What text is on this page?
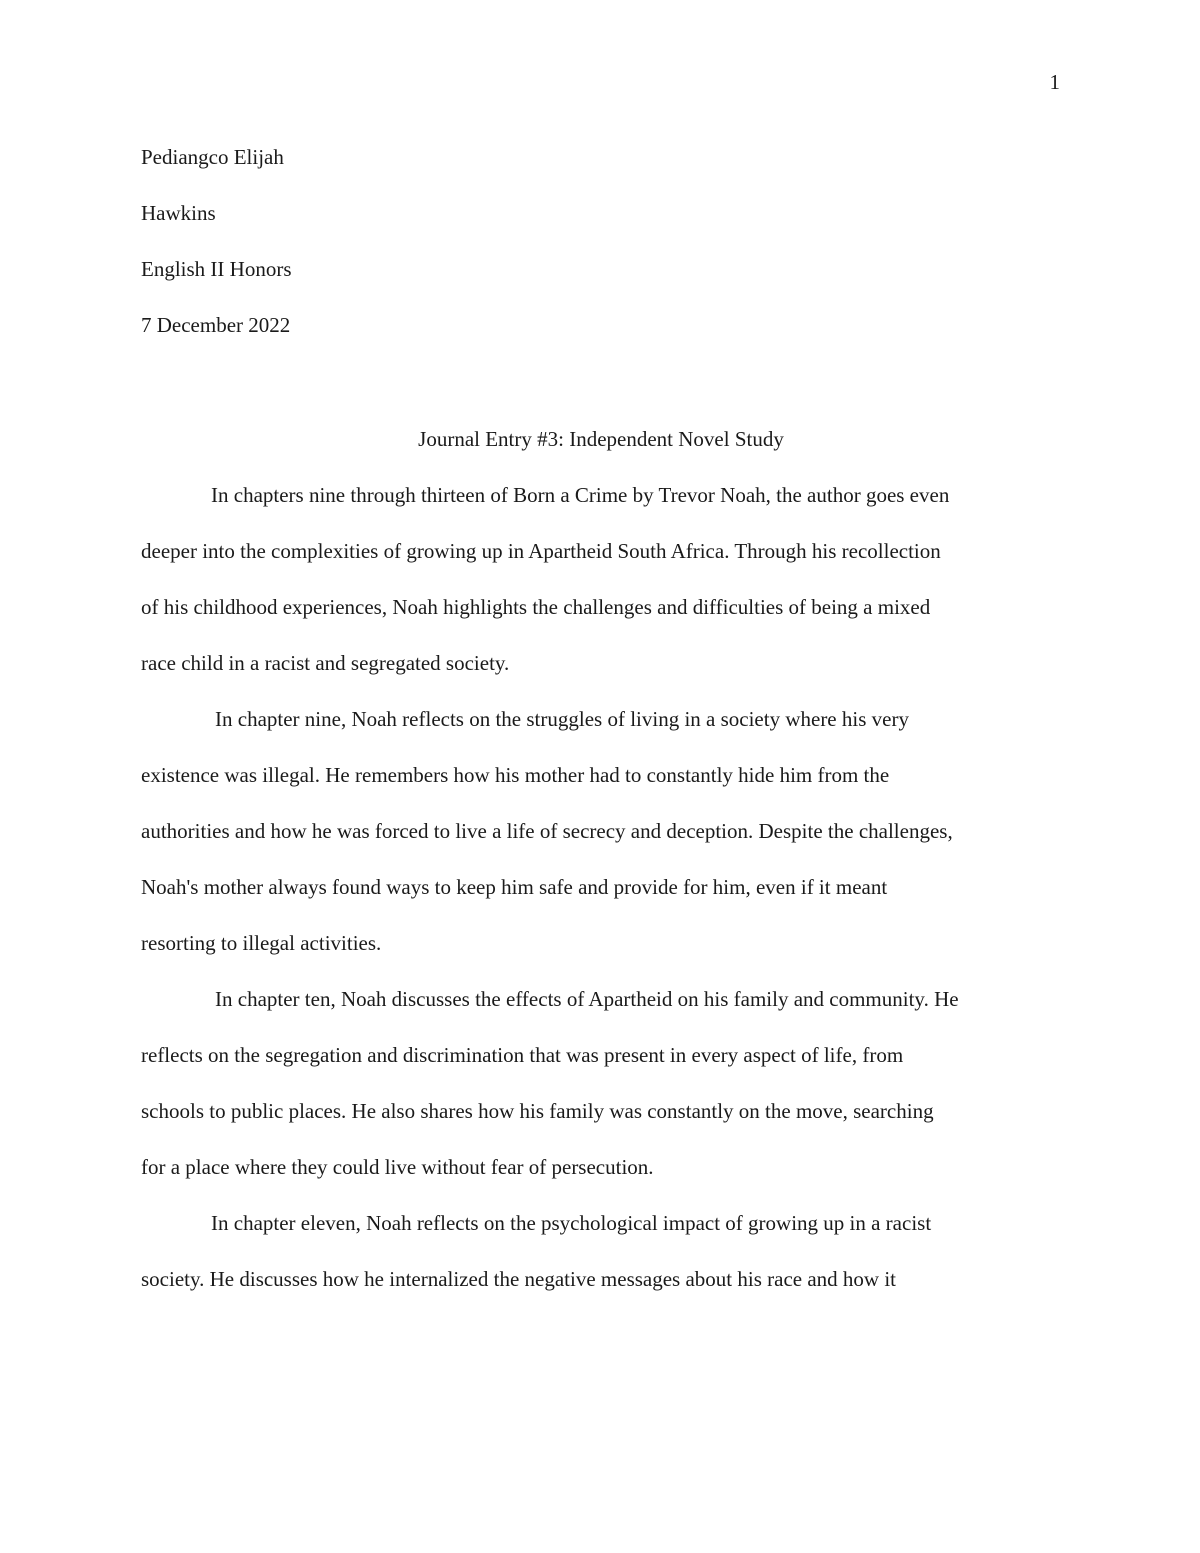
1
Pediangco Elijah
Hawkins
English II Honors
7 December 2022
Journal Entry #3: Independent Novel Study
In chapters nine through thirteen of Born a Crime by Trevor Noah, the author goes even
deeper into the complexities of growing up in Apartheid South Africa. Through his recollection
of his childhood experiences, Noah highlights the challenges and difficulties of being a mixed
race child in a racist and segregated society.
In chapter nine, Noah reflects on the struggles of living in a society where his very
existence was illegal. He remembers how his mother had to constantly hide him from the
authorities and how he was forced to live a life of secrecy and deception. Despite the challenges,
Noah's mother always found ways to keep him safe and provide for him, even if it meant
resorting to illegal activities.
In chapter ten, Noah discusses the effects of Apartheid on his family and community. He
reflects on the segregation and discrimination that was present in every aspect of life, from
schools to public places. He also shares how his family was constantly on the move, searching
for a place where they could live without fear of persecution.
In chapter eleven, Noah reflects on the psychological impact of growing up in a racist
society. He discusses how he internalized the negative messages about his race and how it
